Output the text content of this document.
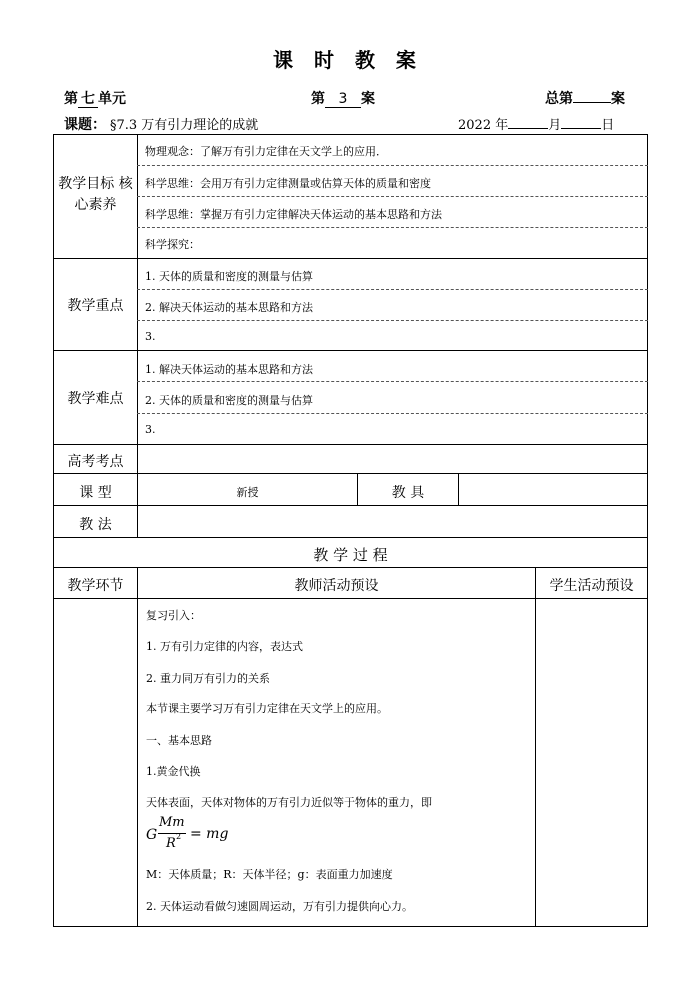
课 时 教 案
第 七 单元	第 3 案	总第	案
课题： §7.3 万有引力理论的成就	2022 年	月	日
教学目标 核心素养
物理观念：了解万有引力定律在天文学上的应用．
科学思维：会用万有引力定律测量或估算天体的质量和密度
科学思维：掌握万有引力定律解决天体运动的基本思路和方法
科学探究：
教学重点
1. 天体的质量和密度的测量与估算
2. 解决天体运动的基本思路和方法
3.
教学难点
1. 解决天体运动的基本思路和方法
2. 天体的质量和密度的测量与估算
3.
高考考点
课 型	新授	教 具
教 法
教 学 过 程
教学环节	教师活动预设	学生活动预设
复习引入：
1. 万有引力定律的内容，表达式
2. 重力同万有引力的关系
本节课主要学习万有引力定律在天文学上的应用。
一、基本思路
1.黄金代换
天体表面，天体对物体的万有引力近似等于物体的重力，即
G
Mm
R 2 = mg
M：天体质量；R：天体半径；g：表面重力加速度
2. 天体运动看做匀速圆周运动，万有引力提供向心力。
